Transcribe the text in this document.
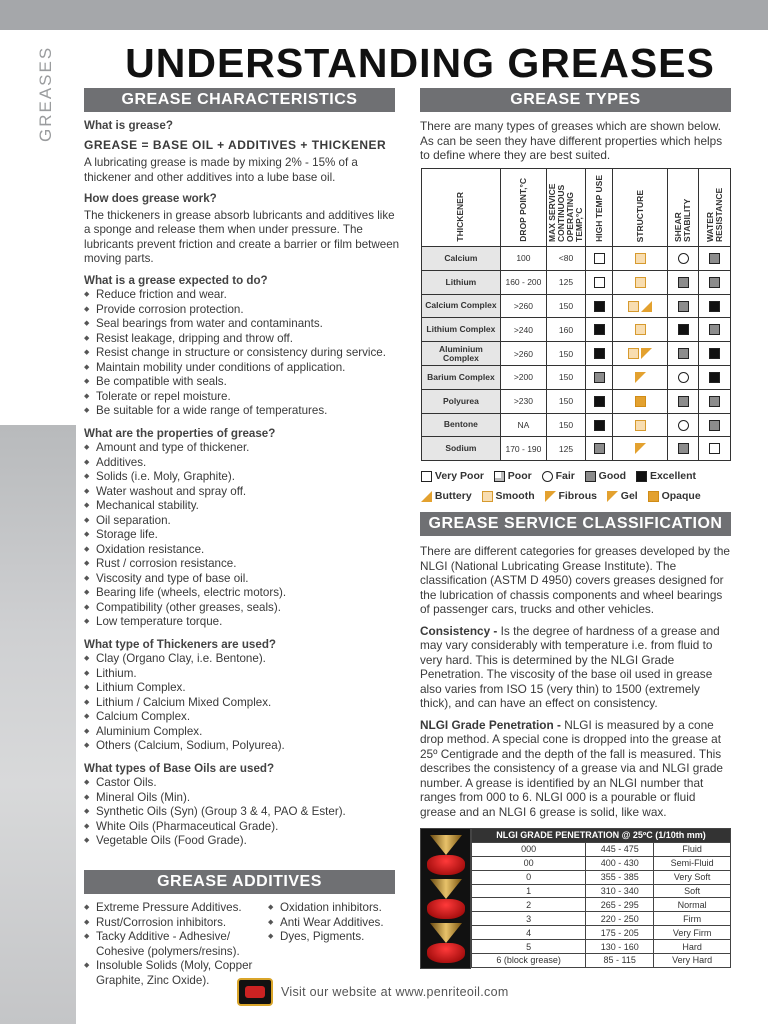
GREASES	UNDERSTANDING GREASES
GREASE CHARACTERISTICS
What is grease?
GREASE = BASE OIL + ADDITIVES + THICKENER
A lubricating grease is made by mixing 2% - 15% of a thickener and other additives into a lube base oil.
How does grease work?
The thickeners in grease absorb lubricants and additives like a sponge and release them when under pressure. The lubricants prevent friction and create a barrier or film between moving parts.
What is a grease expected to do?
◆ Reduce friction and wear.
◆ Provide corrosion protection.
◆ Seal bearings from water and contaminants.
◆ Resist leakage, dripping and throw off.
◆ Resist change in structure or consistency during service.
◆ Maintain mobility under conditions of application.
◆ Be compatible with seals.
◆ Tolerate or repel moisture.
◆ Be suitable for a wide range of temperatures.
What are the properties of grease?
◆ Amount and type of thickener.
◆ Additives.
◆ Solids (i.e. Moly, Graphite).
◆ Water washout and spray off.
◆ Mechanical stability.
◆ Oil separation.
◆ Storage life.
◆ Oxidation resistance.
◆ Rust / corrosion resistance.
◆ Viscosity and type of base oil.
◆ Bearing life (wheels, electric motors).
◆ Compatibility (other greases, seals).
◆ Low temperature torque.
What type of Thickeners are used?
◆ Clay (Organo Clay, i.e. Bentone).
◆ Lithium.
◆ Lithium Complex.
◆ Lithium / Calcium Mixed Complex.
◆ Calcium Complex.
◆ Aluminium Complex.
◆ Others (Calcium, Sodium, Polyurea).
What types of Base Oils are used?
◆ Castor Oils.
◆ Mineral Oils (Min).
◆ Synthetic Oils (Syn) (Group 3 & 4, PAO & Ester).
◆ White Oils (Pharmaceutical Grade).
◆ Vegetable Oils (Food Grade).
GREASE ADDITIVES
◆ Extreme Pressure Additives.
◆ Rust/Corrosion inhibitors.
◆ Tacky Additive - Adhesive/ Cohesive (polymers/resins).
◆ Insoluble Solids (Moly, Copper Graphite, Zinc Oxide).
◆ Oxidation inhibitors.
◆ Anti Wear Additives.
◆ Dyes, Pigments.
GREASE TYPES
There are many types of greases which are shown below. As can be seen they have different properties which helps to define where they are best suited.
THICKENER	DROP POINT,°C	MAX SERVICE CONTINUOUS OPERATING TEMP,°C	HIGH TEMP USE	STRUCTURE	SHEAR STABILITY	WATER RESISTANCE

Calcium	100	<80				
Lithium	160 - 200	125				
Calcium Complex	>260	150				
Lithium Complex	>240	160				
Aluminium Complex	>260	150				
Barium Complex	>200	150				
Polyurea	>230	150				
Bentone	NA	150				
Sodium	170 - 190	125				
Very Poor Poor Fair Good Excellent
Buttery Smooth Fibrous Gel Opaque
GREASE SERVICE CLASSIFICATION
There are different categories for greases developed by the NLGI (National Lubricating Grease Institute). The classification (ASTM D 4950) covers greases designed for the lubrication of chassis components and wheel bearings of passenger cars, trucks and other vehicles.
Consistency - Is the degree of hardness of a grease and may vary considerably with temperature i.e. from fluid to very hard. This is determined by the NLGI Grade Penetration. The viscosity of the base oil used in grease also varies from ISO 15 (very thin) to 1500 (extremely thick), and can have an effect on consistency.
NLGI Grade Penetration - NLGI is measured by a cone drop method. A special cone is dropped into the grease at 25º Centigrade and the depth of the fall is measured. This describes the consistency of a grease via and NLGI grade number. A grease is identified by an NLGI number that ranges from 000 to 6. NLGI 000 is a pourable or fluid grease and an NLGI 6 grease is solid, like wax.
NLGI GRADE PENETRATION @ 25ºC (1/10th mm)		
000	445 - 475	Fluid
00	400 - 430	Semi-Fluid
0	355 - 385	Very Soft
1	310 - 340	Soft
2	265 - 295	Normal
3	220 - 250	Firm
4	175 - 205	Very Firm
5	130 - 160	Hard
6 (block grease)	85 - 115	Very Hard
Visit our website at www.penriteoil.com
